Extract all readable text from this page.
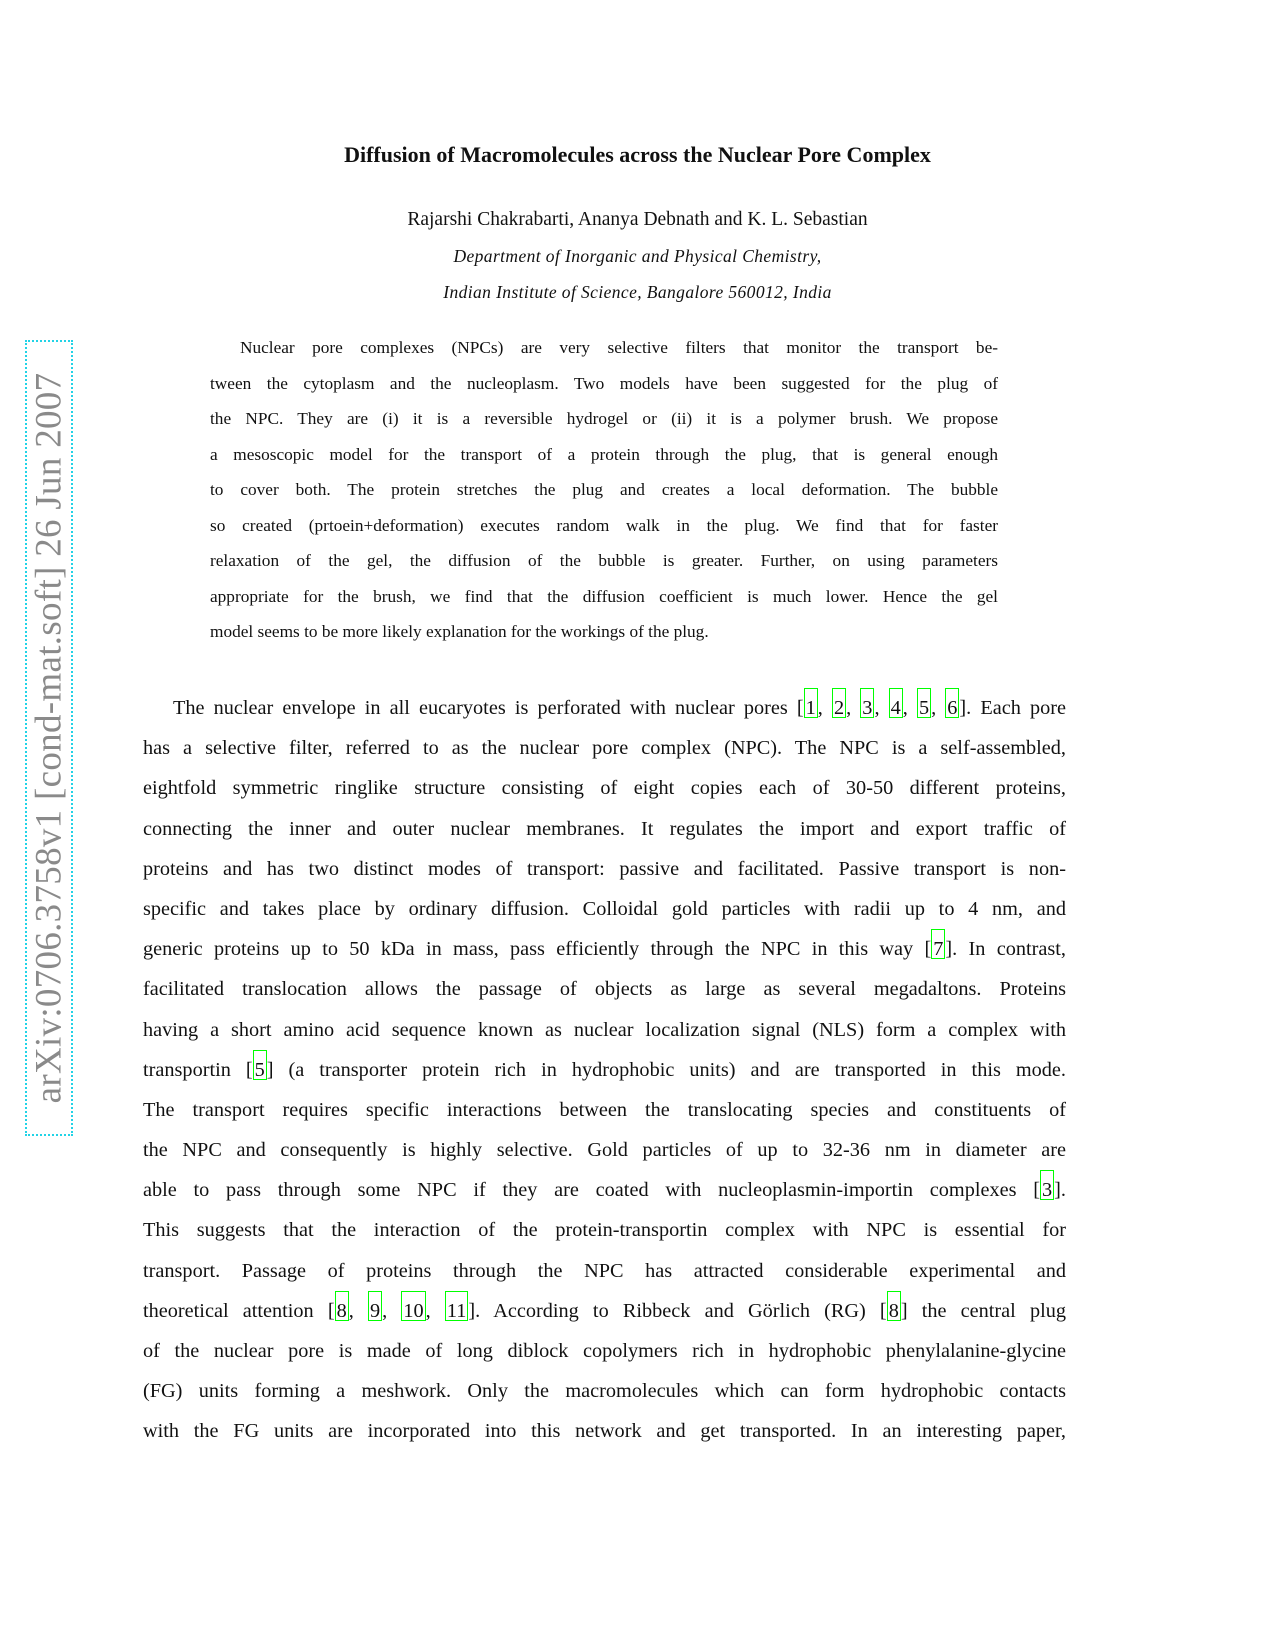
arXiv:0706.3758v1 [cond-mat.soft] 26 Jun 2007
Diffusion of Macromolecules across the Nuclear Pore Complex
Rajarshi Chakrabarti, Ananya Debnath and K. L. Sebastian
Department of Inorganic and Physical Chemistry,
Indian Institute of Science, Bangalore 560012, India
Nuclear pore complexes (NPCs) are very selective filters that monitor the transport be-
tween the cytoplasm and the nucleoplasm. Two models have been suggested for the plug of
the NPC. They are (i) it is a reversible hydrogel or (ii) it is a polymer brush. We propose
a mesoscopic model for the transport of a protein through the plug, that is general enough
to cover both. The protein stretches the plug and creates a local deformation. The bubble
so created (prtoein+deformation) executes random walk in the plug. We find that for faster
relaxation of the gel, the diffusion of the bubble is greater. Further, on using parameters
appropriate for the brush, we find that the diffusion coefficient is much lower. Hence the gel
model seems to be more likely explanation for the workings of the plug.
The nuclear envelope in all eucaryotes is perforated with nuclear pores [1, 2, 3, 4, 5, 6]. Each pore
has a selective filter, referred to as the nuclear pore complex (NPC). The NPC is a self-assembled,
eightfold symmetric ringlike structure consisting of eight copies each of 30-50 different proteins,
connecting the inner and outer nuclear membranes. It regulates the import and export traffic of
proteins and has two distinct modes of transport: passive and facilitated. Passive transport is non-
specific and takes place by ordinary diffusion. Colloidal gold particles with radii up to 4 nm, and
generic proteins up to 50 kDa in mass, pass efficiently through the NPC in this way [7]. In contrast,
facilitated translocation allows the passage of objects as large as several megadaltons. Proteins
having a short amino acid sequence known as nuclear localization signal (NLS) form a complex with
transportin [5] (a transporter protein rich in hydrophobic units) and are transported in this mode.
The transport requires specific interactions between the translocating species and constituents of
the NPC and consequently is highly selective. Gold particles of up to 32-36 nm in diameter are
able to pass through some NPC if they are coated with nucleoplasmin-importin complexes [3].
This suggests that the interaction of the protein-transportin complex with NPC is essential for
transport. Passage of proteins through the NPC has attracted considerable experimental and
theoretical attention [8, 9, 10, 11]. According to Ribbeck and Görlich (RG) [8] the central plug
of the nuclear pore is made of long diblock copolymers rich in hydrophobic phenylalanine-glycine
(FG) units forming a meshwork. Only the macromolecules which can form hydrophobic contacts
with the FG units are incorporated into this network and get transported. In an interesting paper,
